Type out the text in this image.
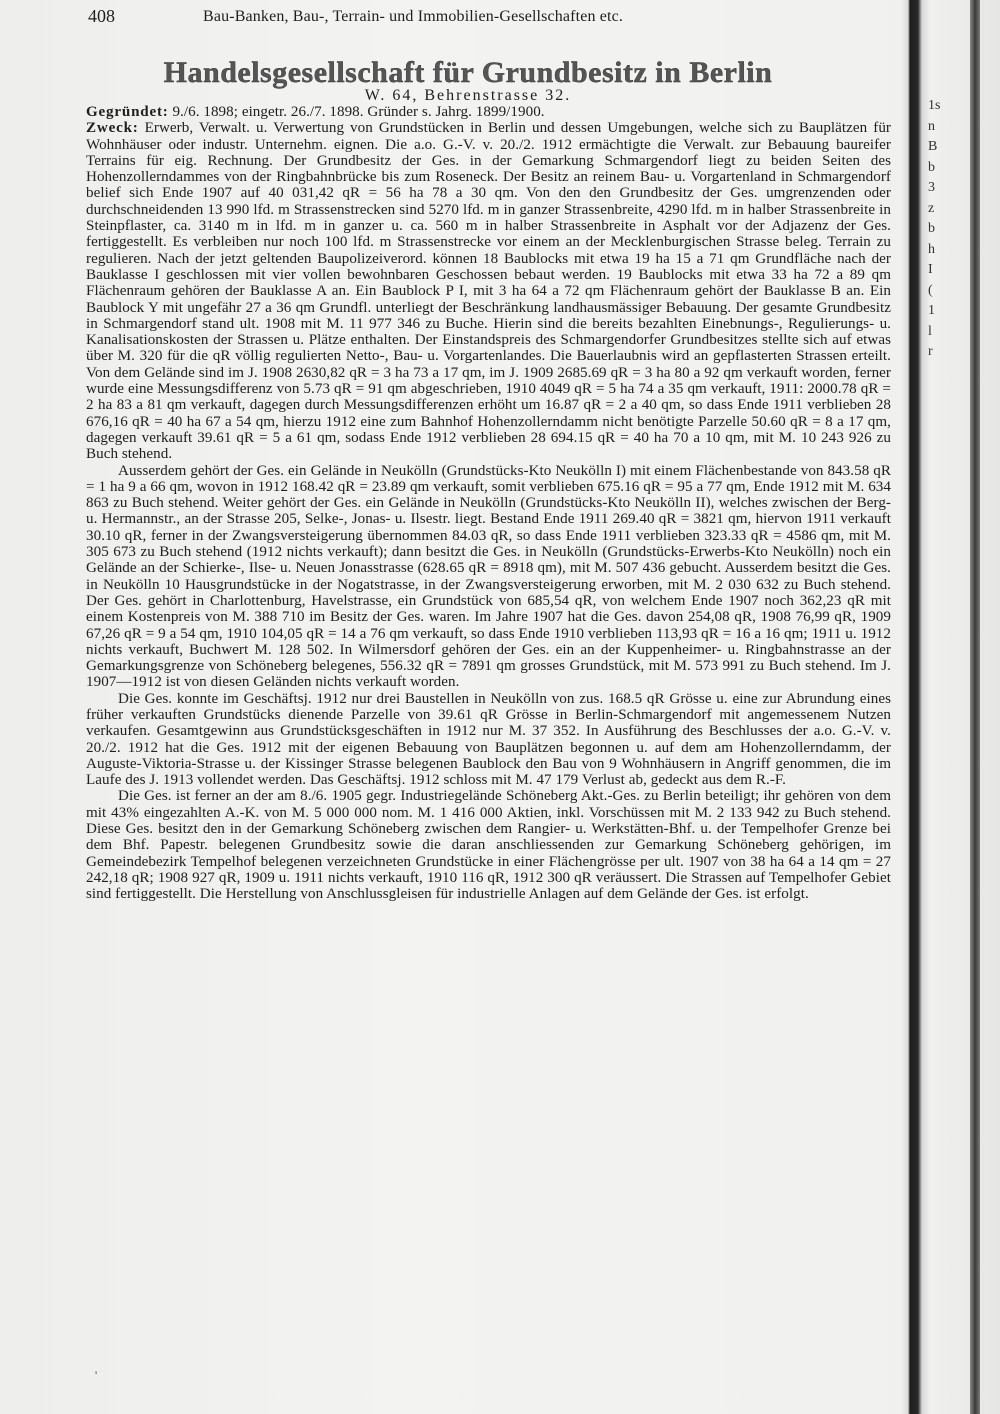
1s
n
B
b
3
z
b
h
I
(
1
l
r
408	Bau-Banken, Bau-, Terrain- und Immobilien-Gesellschaften etc.
Handelsgesellschaft für Grundbesitz in Berlin
W. 64, Behrenstrasse 32.

Gegründet: 9./6. 1898; eingetr. 26./7. 1898. Gründer s. Jahrg. 1899/1900.

Zweck: Erwerb, Verwalt. u. Verwertung von Grundstücken in Berlin und dessen Umgebungen, welche sich zu Bauplätzen für Wohnhäuser oder industr. Unternehm. eignen. Die a.o. G.-V. v. 20./2. 1912 ermächtigte die Verwalt. zur Bebauung baureifer Terrains für eig. Rechnung. Der Grundbesitz der Ges. in der Gemarkung Schmargendorf liegt zu beiden Seiten des Hohenzollerndammes von der Ringbahnbrücke bis zum Roseneck. Der Besitz an reinem Bau- u. Vorgartenland in Schmargendorf belief sich Ende 1907 auf 40 031,42 qR = 56 ha 78 a 30 qm. Von den den Grundbesitz der Ges. umgrenzenden oder durchschneidenden 13 990 lfd. m Strassenstrecken sind 5270 lfd. m in ganzer Strassenbreite, 4290 lfd. m in halber Strassenbreite in Steinpflaster, ca. 3140 m in lfd. m in ganzer u. ca. 560 m in halber Strassenbreite in Asphalt vor der Adjazenz der Ges. fertiggestellt. Es verbleiben nur noch 100 lfd. m Strassenstrecke vor einem an der Mecklenburgischen Strasse beleg. Terrain zu regulieren. Nach der jetzt geltenden Baupolizeiverord. können 18 Baublocks mit etwa 19 ha 15 a 71 qm Grundfläche nach der Bauklasse I geschlossen mit vier vollen bewohnbaren Geschossen bebaut werden. 19 Baublocks mit etwa 33 ha 72 a 89 qm Flächenraum gehören der Bauklasse A an. Ein Baublock P I, mit 3 ha 64 a 72 qm Flächenraum gehört der Bauklasse B an. Ein Baublock Y mit ungefähr 27 a 36 qm Grundfl. unterliegt der Beschränkung landhausmässiger Bebauung. Der gesamte Grundbesitz in Schmargendorf stand ult. 1908 mit M. 11 977 346 zu Buche. Hierin sind die bereits bezahlten Einebnungs-, Regulierungs- u. Kanalisationskosten der Strassen u. Plätze enthalten. Der Einstandspreis des Schmargendorfer Grundbesitzes stellte sich auf etwas über M. 320 für die qR völlig regulierten Netto-, Bau- u. Vorgartenlandes. Die Bauerlaubnis wird an gepflasterten Strassen erteilt. Von dem Gelände sind im J. 1908 2630,82 qR = 3 ha 73 a 17 qm, im J. 1909 2685.69 qR = 3 ha 80 a 92 qm verkauft worden, ferner wurde eine Messungsdifferenz von 5.73 qR = 91 qm abgeschrieben, 1910 4049 qR = 5 ha 74 a 35 qm verkauft, 1911: 2000.78 qR = 2 ha 83 a 81 qm verkauft, dagegen durch Messungsdifferenzen erhöht um 16.87 qR = 2 a 40 qm, so dass Ende 1911 verblieben 28 676,16 qR = 40 ha 67 a 54 qm, hierzu 1912 eine zum Bahnhof Hohenzollerndamm nicht benötigte Parzelle 50.60 qR = 8 a 17 qm, dagegen verkauft 39.61 qR = 5 a 61 qm, sodass Ende 1912 verblieben 28 694.15 qR = 40 ha 70 a 10 qm, mit M. 10 243 926 zu Buch stehend.

Ausserdem gehört der Ges. ein Gelände in Neukölln (Grundstücks-Kto Neukölln I) mit einem Flächenbestande von 843.58 qR = 1 ha 9 a 66 qm, wovon in 1912 168.42 qR = 23.89 qm verkauft, somit verblieben 675.16 qR = 95 a 77 qm, Ende 1912 mit M. 634 863 zu Buch stehend. Weiter gehört der Ges. ein Gelände in Neukölln (Grundstücks-Kto Neukölln II), welches zwischen der Berg- u. Hermannstr., an der Strasse 205, Selke-, Jonas- u. Ilsestr. liegt. Bestand Ende 1911 269.40 qR = 3821 qm, hiervon 1911 verkauft 30.10 qR, ferner in der Zwangsversteigerung übernommen 84.03 qR, so dass Ende 1911 verblieben 323.33 qR = 4586 qm, mit M. 305 673 zu Buch stehend (1912 nichts verkauft); dann besitzt die Ges. in Neukölln (Grundstücks-Erwerbs-Kto Neukölln) noch ein Gelände an der Schierke-, Ilse- u. Neuen Jonasstrasse (628.65 qR = 8918 qm), mit M. 507 436 gebucht. Ausserdem besitzt die Ges. in Neukölln 10 Hausgrundstücke in der Nogatstrasse, in der Zwangsversteigerung erworben, mit M. 2 030 632 zu Buch stehend. Der Ges. gehört in Charlottenburg, Havelstrasse, ein Grundstück von 685,54 qR, von welchem Ende 1907 noch 362,23 qR mit einem Kostenpreis von M. 388 710 im Besitz der Ges. waren. Im Jahre 1907 hat die Ges. davon 254,08 qR, 1908 76,99 qR, 1909 67,26 qR = 9 a 54 qm, 1910 104,05 qR = 14 a 76 qm verkauft, so dass Ende 1910 verblieben 113,93 qR = 16 a 16 qm; 1911 u. 1912 nichts verkauft, Buchwert M. 128 502. In Wilmersdorf gehören der Ges. ein an der Kuppenheimer- u. Ringbahnstrasse an der Gemarkungsgrenze von Schöneberg belegenes, 556.32 qR = 7891 qm grosses Grundstück, mit M. 573 991 zu Buch stehend. Im J. 1907—1912 ist von diesen Geländen nichts verkauft worden.

Die Ges. konnte im Geschäftsj. 1912 nur drei Baustellen in Neukölln von zus. 168.5 qR Grösse u. eine zur Abrundung eines früher verkauften Grundstücks dienende Parzelle von 39.61 qR Grösse in Berlin-Schmargendorf mit angemessenem Nutzen verkaufen. Gesamtgewinn aus Grundstücksgeschäften in 1912 nur M. 37 352. In Ausführung des Beschlusses der a.o. G.-V. v. 20./2. 1912 hat die Ges. 1912 mit der eigenen Bebauung von Bauplätzen begonnen u. auf dem am Hohenzollerndamm, der Auguste-Viktoria-Strasse u. der Kissinger Strasse belegenen Baublock den Bau von 9 Wohnhäusern in Angriff genommen, die im Laufe des J. 1913 vollendet werden. Das Geschäftsj. 1912 schloss mit M. 47 179 Verlust ab, gedeckt aus dem R.-F.

Die Ges. ist ferner an der am 8./6. 1905 gegr. Industriegelände Schöneberg Akt.-Ges. zu Berlin beteiligt; ihr gehören von dem mit 43% eingezahlten A.-K. von M. 5 000 000 nom. M. 1 416 000 Aktien, inkl. Vorschüssen mit M. 2 133 942 zu Buch stehend. Diese Ges. besitzt den in der Gemarkung Schöneberg zwischen dem Rangier- u. Werkstätten-Bhf. u. der Tempelhofer Grenze bei dem Bhf. Papestr. belegenen Grundbesitz sowie die daran anschliessenden zur Gemarkung Schöneberg gehörigen, im Gemeindebezirk Tempelhof belegenen verzeichneten Grundstücke in einer Flächengrösse per ult. 1907 von 38 ha 64 a 14 qm = 27 242,18 qR; 1908 927 qR, 1909 u. 1911 nichts verkauft, 1910 116 qR, 1912 300 qR veräussert. Die Strassen auf Tempelhofer Gebiet sind fertiggestellt. Die Herstellung von Anschlussgleisen für industrielle Anlagen auf dem Gelände der Ges. ist erfolgt.

'
